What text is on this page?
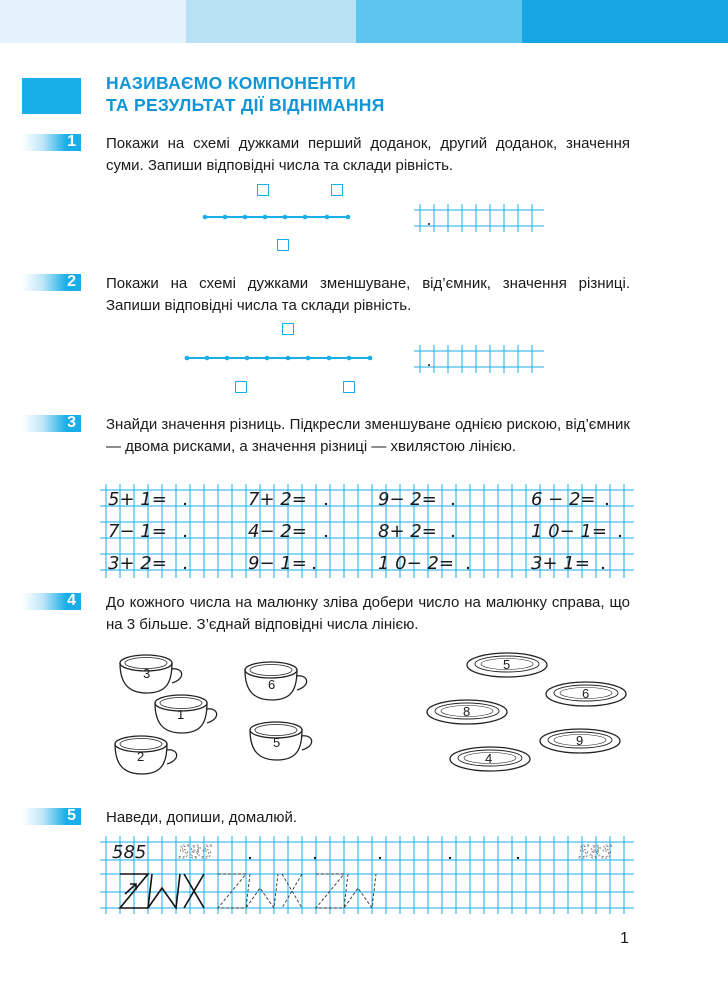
НАЗИВАЄМО КОМПОНЕНТИ
ТА РЕЗУЛЬТАТ ДІЇ ВІДНІМАННЯ
1 Покажи на схемі дужками перший доданок, другий доданок, значення суми. Запиши відповідні числа та склади рівність.
2 Покажи на схемі дужками зменшуване, від’ємник, значення різниці. Запиши відповідні числа та склади рівність.
3 Знайди значення різниць. Підкресли зменшуване однією рискою, від’ємник — двома рисками, а значення різниці — хвилястою лінією.
5+ 1=	7+ 2=	9− 2=	6 − 2=
7− 1=	4− 2=	8+ 2=	1 0− 1=
3+ 2=	9− 1=	1 0− 2=	3+ 1=
4 До кожного числа на малюнку зліва добери число на малюнку справа, що на 3 більше. З’єднай відповідні числа лінією.
3
6
1
5
2
5
6
8
9
4
5 Наведи, допиши, домалюй.
585 585	585
1
